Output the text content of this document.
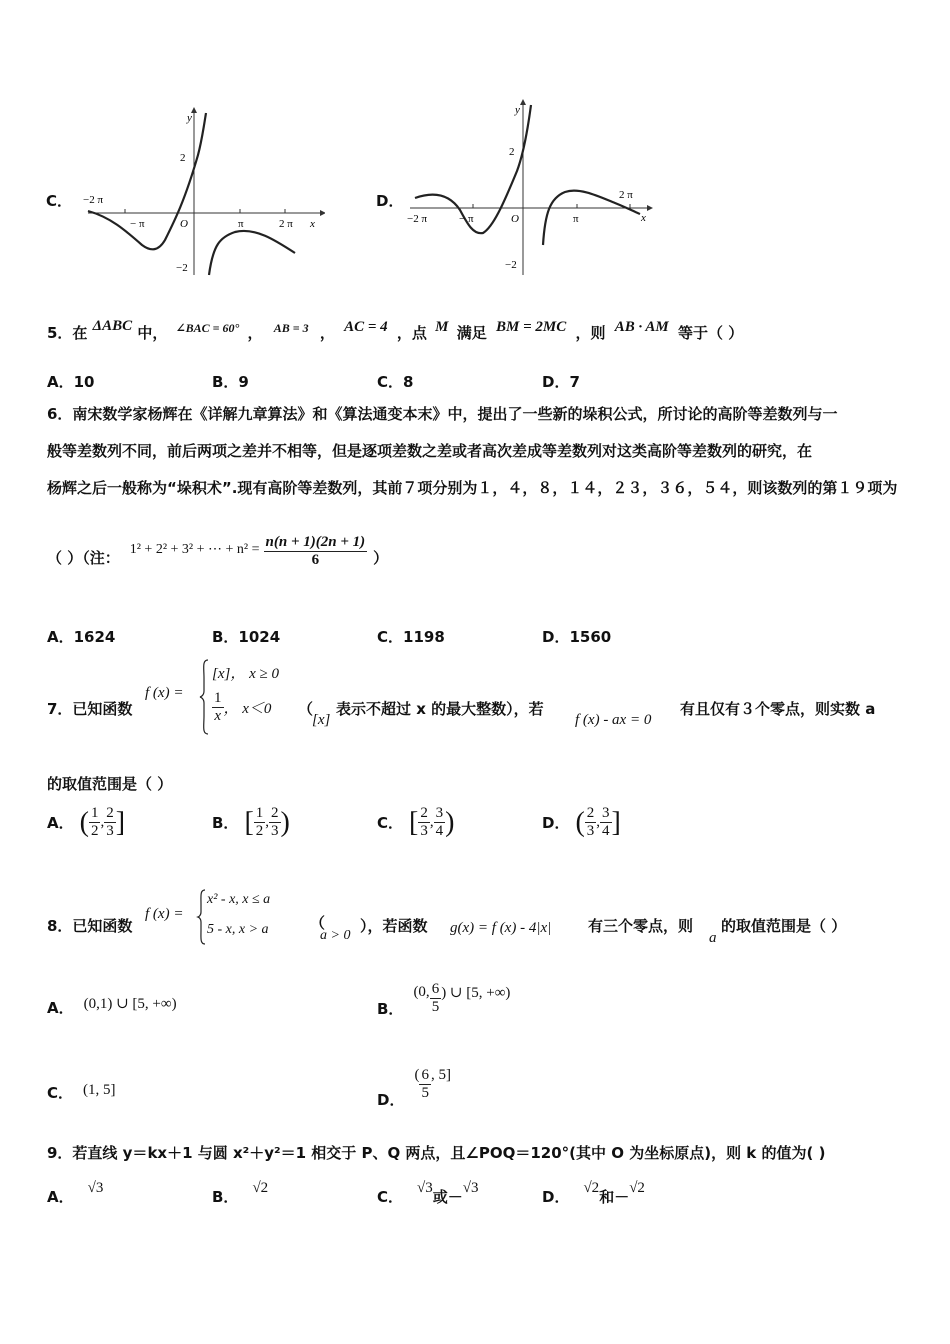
C．
y
x
O
2
−2
−2 π
− π	π	2 π
D．
y
x
O
2
−2
−2 π	− π	π
2 π
5．在 ΔABC 中， $^{\angle BAC = 60^\circ}$ ， $^{AB = 3}$ ， AC = 4 ，点 M 满足 BM = 2MC ，则 AB · AM 等于（ ）
A．10	B．9	C．8	D．7
6．南宋数学家杨辉在《详解九章算法》和《算法通变本末》中，提出了一些新的垛积公式，所讨论的高阶等差数列与一
般等差数列不同，前后两项之差并不相等，但是逐项差数之差或者高次差成等差数列对这类高阶等差数列的研究，在
杨辉之后一般称为“垛积术”.现有高阶等差数列，其前７项分别为１，４，８，１４，２３，３６，５４，则该数列的第１９项为
（ ）（注： 1² + 2² + 3² + ⋯ + $n^2 = \frac{n(n + 1)(2n + 1)}{6}$ ）
A．1624	B．1024	C．1198	D．1560
7．已知函数
f (x) =
[x]， x ≥ 0
$\frac{1}{x}$ ， x＜0 （
[x]
表示不超过 x 的最大整数），若
f (x) - ax = 0
有且仅有３个零点，则实数 a
的取值范围是（ ）
A． ( $\frac{1}{2}$ , $\frac{2}{3}$ ]	B． [ $\frac{1}{2}$ , $\frac{2}{3}$ )	C． [ $\frac{2}{3}$ , $\frac{3}{4}$ )	D． ( $\frac{2}{3}$ , $\frac{3}{4}$ ]
8．已知函数
f (x) =
x² - x, x ≤ a
5 - x, x > a	（
a > 0
），若函数 g(x) = f (x) - 4|x| 有三个零点，则
a
的取值范围是（ ）
A． (0,1) ∪ [5, +∞)	B．
(0, $\frac{6}{5}$ ) ∪ [5, +∞)
C． (1, 5]
D．
( $\frac{6}{5}$ , 5]
9．若直线 y＝kx＋1 与圆 x²＋y²＝1 相交于 P、Q 两点，且∠POQ＝120°(其中 O 为坐标原点)，则 k 的值为( )
A． √3	B． √2	C． √3 或－ √3	D． √2 和－ √2
